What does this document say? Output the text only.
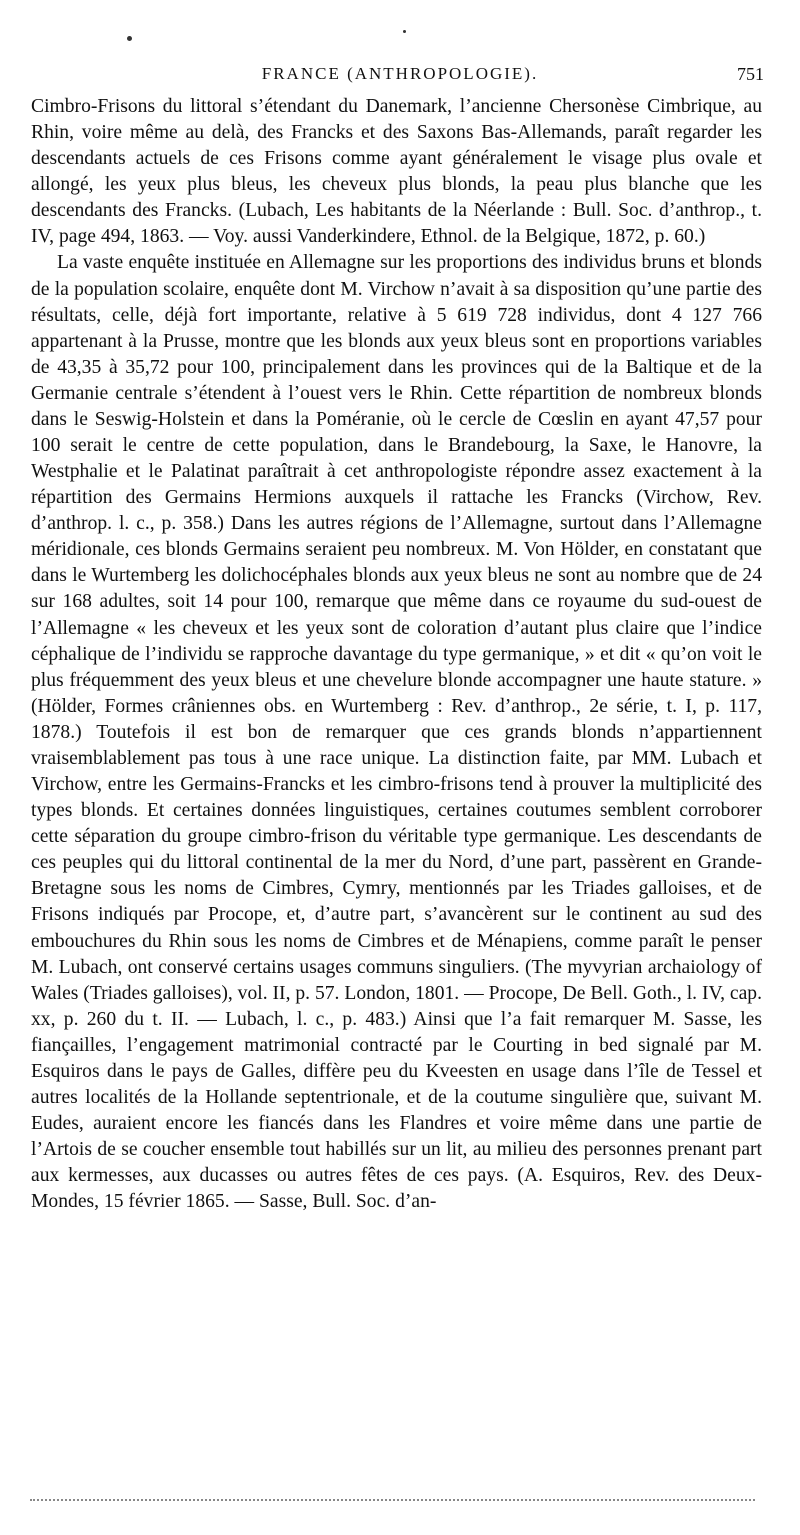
FRANCE (ANTHROPOLOGIE).	751

Cimbro-Frisons du littoral s’étendant du Danemark, l’ancienne Chersonèse Cimbrique, au Rhin, voire même au delà, des Francks et des Saxons Bas-Allemands, paraît regarder les descendants actuels de ces Frisons comme ayant généralement le visage plus ovale et allongé, les yeux plus bleus, les cheveux plus blonds, la peau plus blanche que les descendants des Francks. (Lubach, Les habitants de la Néerlande : Bull. Soc. d’anthrop., t. IV, page 494, 1863. — Voy. aussi Vanderkindere, Ethnol. de la Belgique, 1872, p. 60.)

La vaste enquête instituée en Allemagne sur les proportions des individus bruns et blonds de la population scolaire, enquête dont M. Virchow n’avait à sa disposition qu’une partie des résultats, celle, déjà fort importante, relative à 5 619 728 individus, dont 4 127 766 appartenant à la Prusse, montre que les blonds aux yeux bleus sont en proportions variables de 43,35 à 35,72 pour 100, principalement dans les provinces qui de la Baltique et de la Germanie centrale s’étendent à l’ouest vers le Rhin. Cette répartition de nombreux blonds dans le Seswig-Holstein et dans la Poméranie, où le cercle de Cœslin en ayant 47,57 pour 100 serait le centre de cette population, dans le Brandebourg, la Saxe, le Hanovre, la Westphalie et le Palatinat paraîtrait à cet anthropologiste répondre assez exactement à la répartition des Germains Hermions auxquels il rattache les Francks (Virchow, Rev. d’anthrop. l. c., p. 358.) Dans les autres régions de l’Allemagne, surtout dans l’Allemagne méridionale, ces blonds Germains seraient peu nombreux. M. Von Hölder, en constatant que dans le Wurtemberg les dolichocéphales blonds aux yeux bleus ne sont au nombre que de 24 sur 168 adultes, soit 14 pour 100, remarque que même dans ce royaume du sud-ouest de l’Allemagne « les cheveux et les yeux sont de coloration d’autant plus claire que l’indice céphalique de l’individu se rapproche davantage du type germanique, » et dit « qu’on voit le plus fréquemment des yeux bleus et une chevelure blonde accompagner une haute stature. » (Hölder, Formes crâniennes obs. en Wurtemberg : Rev. d’anthrop., 2e série, t. I, p. 117, 1878.) Toutefois il est bon de remarquer que ces grands blonds n’appartiennent vraisemblablement pas tous à une race unique. La distinction faite, par MM. Lubach et Virchow, entre les Germains-Francks et les cimbro-frisons tend à prouver la multiplicité des types blonds. Et certaines données linguistiques, certaines coutumes semblent corroborer cette séparation du groupe cimbro-frison du véritable type germanique. Les descendants de ces peuples qui du littoral continental de la mer du Nord, d’une part, passèrent en Grande-Bretagne sous les noms de Cimbres, Cymry, mentionnés par les Triades galloises, et de Frisons indiqués par Procope, et, d’autre part, s’avancèrent sur le continent au sud des embouchures du Rhin sous les noms de Cimbres et de Ménapiens, comme paraît le penser M. Lubach, ont conservé certains usages communs singuliers. (The myvyrian archaiology of Wales (Triades galloises), vol. II, p. 57. London, 1801. — Procope, De Bell. Goth., l. IV, cap. xx, p. 260 du t. II. — Lubach, l. c., p. 483.) Ainsi que l’a fait remarquer M. Sasse, les fiançailles, l’engagement matrimonial contracté par le Courting in bed signalé par M. Esquiros dans le pays de Galles, diffère peu du Kveesten en usage dans l’île de Tessel et autres localités de la Hollande septentrionale, et de la coutume singulière que, suivant M. Eudes, auraient encore les fiancés dans les Flandres et voire même dans une partie de l’Artois de se coucher ensemble tout habillés sur un lit, au milieu des personnes prenant part aux kermesses, aux ducasses ou autres fêtes de ces pays. (A. Esquiros, Rev. des Deux-Mondes, 15 février 1865. — Sasse, Bull. Soc. d’an-
